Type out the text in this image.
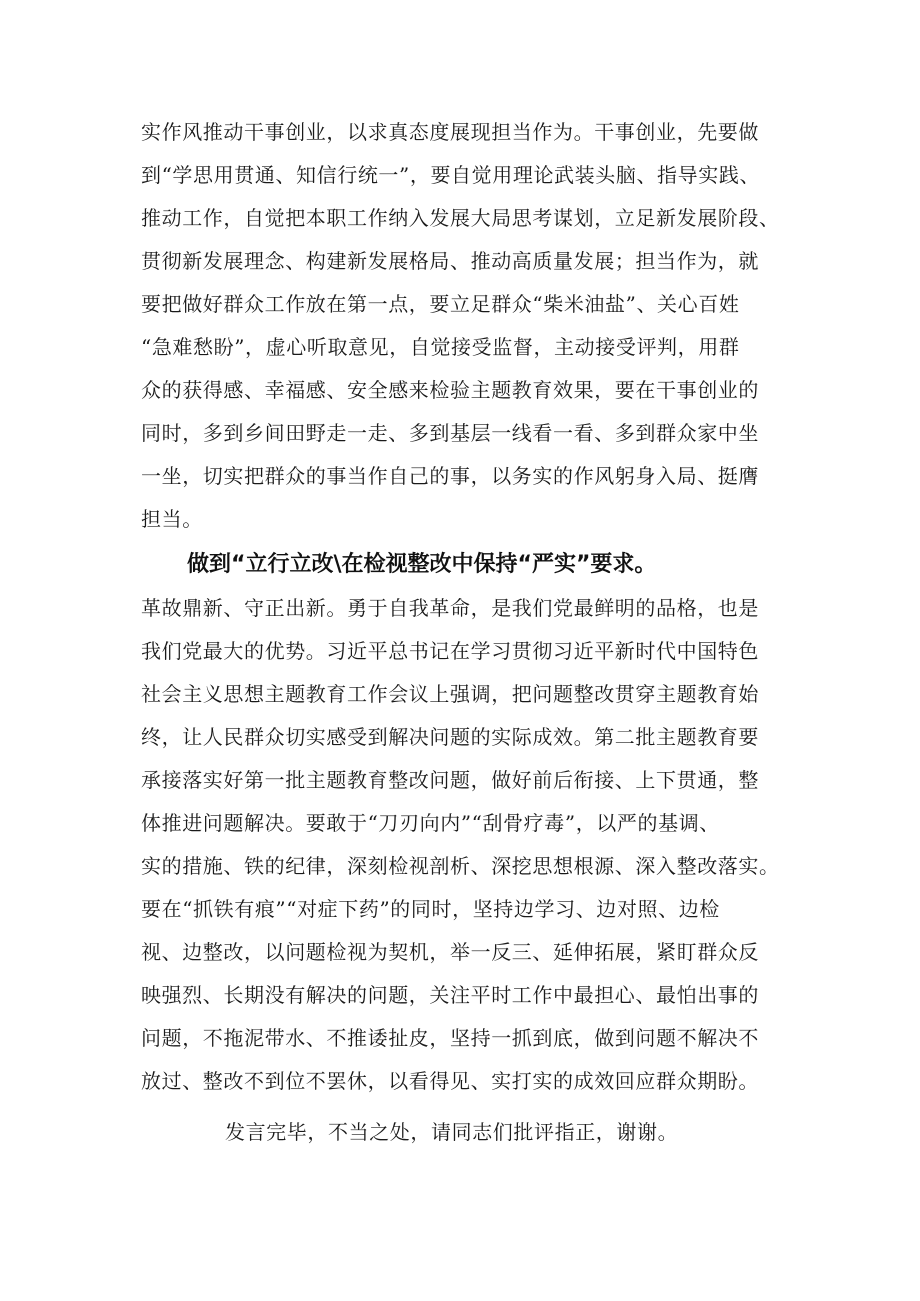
实作风推动干事创业，以求真态度展现担当作为。干事创业，先要做
到“学思用贯通、知信行统一”，要自觉用理论武装头脑、指导实践、
推动工作，自觉把本职工作纳入发展大局思考谋划，立足新发展阶段、
贯彻新发展理念、构建新发展格局、推动高质量发展；担当作为，就
要把做好群众工作放在第一点，要立足群众“柴米油盐”、关心百姓
“急难愁盼”，虚心听取意见，自觉接受监督，主动接受评判，用群
众的获得感、幸福感、安全感来检验主题教育效果，要在干事创业的
同时，多到乡间田野走一走、多到基层一线看一看、多到群众家中坐
一坐，切实把群众的事当作自己的事，以务实的作风躬身入局、挺膺
担当。
做到“立行立改\在检视整改中保持“严实”要求。
革故鼎新、守正出新。勇于自我革命，是我们党最鲜明的品格，也是
我们党最大的优势。习近平总书记在学习贯彻习近平新时代中国特色
社会主义思想主题教育工作会议上强调，把问题整改贯穿主题教育始
终，让人民群众切实感受到解决问题的实际成效。第二批主题教育要
承接落实好第一批主题教育整改问题，做好前后衔接、上下贯通，整
体推进问题解决。要敢于“刀刃向内”“刮骨疗毒”，以严的基调、
实的措施、铁的纪律，深刻检视剖析、深挖思想根源、深入整改落实。
要在“抓铁有痕”“对症下药”的同时，坚持边学习、边对照、边检
视、边整改，以问题检视为契机，举一反三、延伸拓展，紧盯群众反
映强烈、长期没有解决的问题，关注平时工作中最担心、最怕出事的
问题，不拖泥带水、不推诿扯皮，坚持一抓到底，做到问题不解决不
放过、整改不到位不罢休，以看得见、实打实的成效回应群众期盼。
发言完毕，不当之处，请同志们批评指正，谢谢。
